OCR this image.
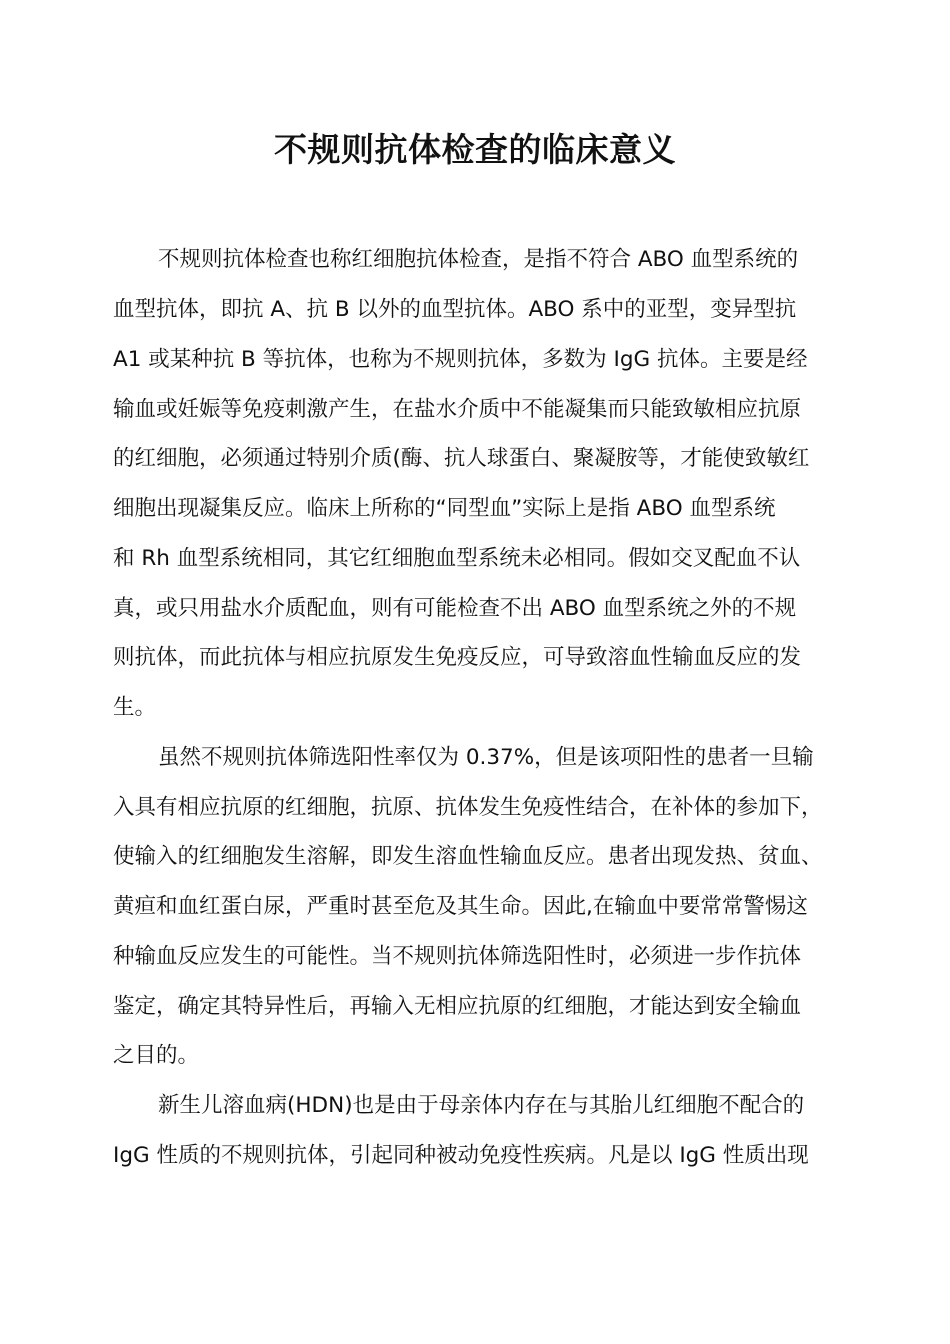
不规则抗体检查的临床意义
不规则抗体检查也称红细胞抗体检查，是指不符合 ABO 血型系统的
血型抗体，即抗 A、抗 B 以外的血型抗体。ABO 系中的亚型，变异型抗
A1 或某种抗 B 等抗体，也称为不规则抗体，多数为 IgG 抗体。主要是经
输血或妊娠等免疫刺激产生，在盐水介质中不能凝集而只能致敏相应抗原
的红细胞，必须通过特别介质(酶、抗人球蛋白、聚凝胺等，才能使致敏红
细胞出现凝集反应。临床上所称的“同型血”实际上是指 ABO 血型系统
和 Rh 血型系统相同，其它红细胞血型系统未必相同。假如交叉配血不认
真，或只用盐水介质配血，则有可能检查不出 ABO 血型系统之外的不规
则抗体，而此抗体与相应抗原发生免疫反应，可导致溶血性输血反应的发
生。
虽然不规则抗体筛选阳性率仅为 0.37%，但是该项阳性的患者一旦输
入具有相应抗原的红细胞，抗原、抗体发生免疫性结合，在补体的参加下，
使输入的红细胞发生溶解，即发生溶血性输血反应。患者出现发热、贫血、
黄疸和血红蛋白尿，严重时甚至危及其生命。因此,在输血中要常常警惕这
种输血反应发生的可能性。当不规则抗体筛选阳性时，必须进一步作抗体
鉴定，确定其特异性后，再输入无相应抗原的红细胞，才能达到安全输血
之目的。
新生儿溶血病(HDN)也是由于母亲体内存在与其胎儿红细胞不配合的
IgG 性质的不规则抗体，引起同种被动免疫性疾病。凡是以 IgG 性质出现
